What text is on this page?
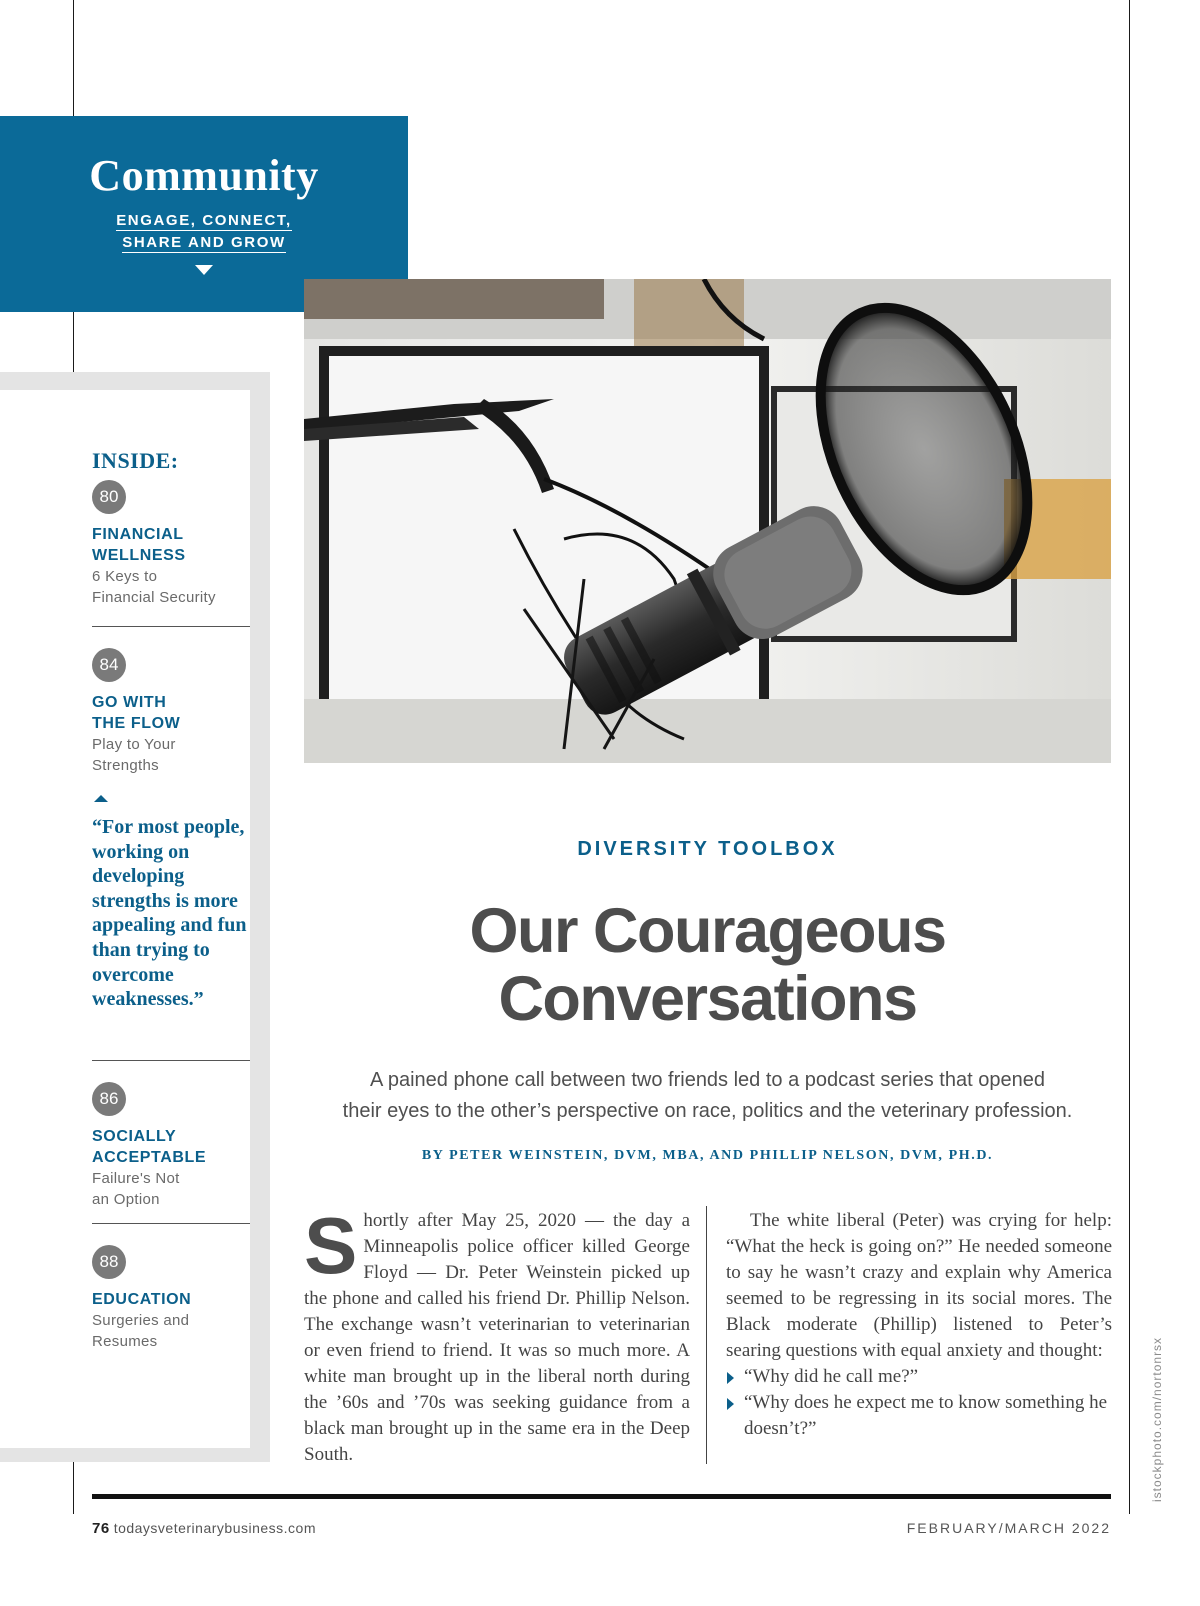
Community
ENGAGE, CONNECT,
SHARE AND GROW
INSIDE:
80
FINANCIAL
WELLNESS
6 Keys to
Financial Security
84
GO WITH
THE FLOW
Play to Your
Strengths
“For most people, working on developing strengths is more appealing and fun than trying to overcome weaknesses.”
86
SOCIALLY
ACCEPTABLE
Failure's Not
an Option
88
EDUCATION
Surgeries and
Resumes
DIVERSITY TOOLBOX
Our Courageous
Conversations
A pained phone call between two friends led to a podcast series that opened
their eyes to the other’s perspective on race, politics and the veterinary profession.
BY PETER WEINSTEIN, DVM, MBA, AND PHILLIP NELSON, DVM, PH.D.
Shortly after May 25, 2020 — the day a Minneapolis police officer killed George Floyd — Dr. Peter Weinstein picked up the phone and called his friend Dr. Phillip Nelson. The exchange wasn’t veterinarian to veterinarian or even friend to friend. It was so much more. A white man brought up in the liberal north during the ’60s and ’70s was seeking guidance from a black man brought up in the same era in the Deep South.
The white liberal (Peter) was crying for help: “What the heck is going on?” He needed someone to say he wasn’t crazy and explain why America seemed to be regressing in its social mores. The Black moderate (Phillip) listened to Peter’s searing questions with equal anxiety and thought:
“Why did he call me?”
“Why does he expect me to know something he doesn’t?”	istockphoto.com/nortonrsx
76 todaysveterinarybusiness.com	FEBRUARY/MARCH 2022
